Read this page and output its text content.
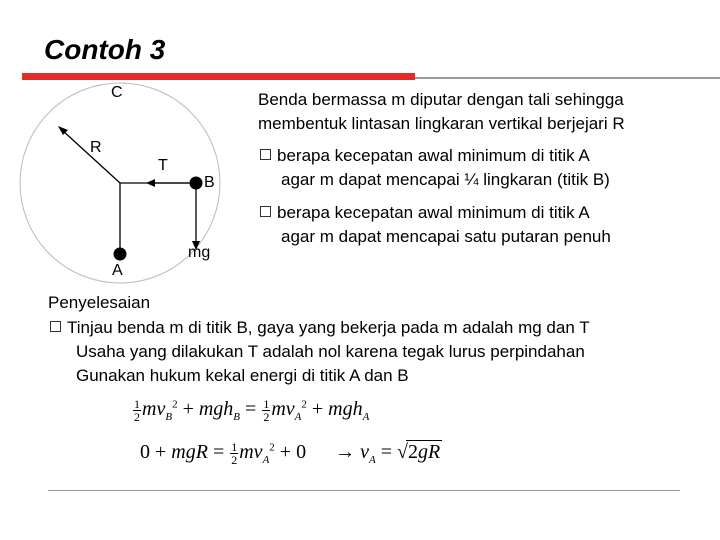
Contoh 3
C
R
T
B
mg
A
Benda bermassa m diputar dengan tali sehingga
membentuk lintasan lingkaran vertikal berjejari R
berapa kecepatan awal minimum di titik A
agar m dapat mencapai ¼ lingkaran (titik B)
berapa kecepatan awal minimum di titik A
agar m dapat mencapai satu putaran penuh
Penyelesaian
Tinjau benda m di titik B, gaya yang bekerja pada m adalah mg dan T
Usaha yang dilakukan T adalah nol karena tegak lurus perpindahan
Gunakan hukum kekal energi di titik A dan B
$\frac{1}{2} mv_B^2 + mgh_B = \frac{1}{2} mv_A^2 + mgh_A$
0 + mgR = $\frac{1}{2} mv_A^2 + 0 \to v_A = √2gR$
